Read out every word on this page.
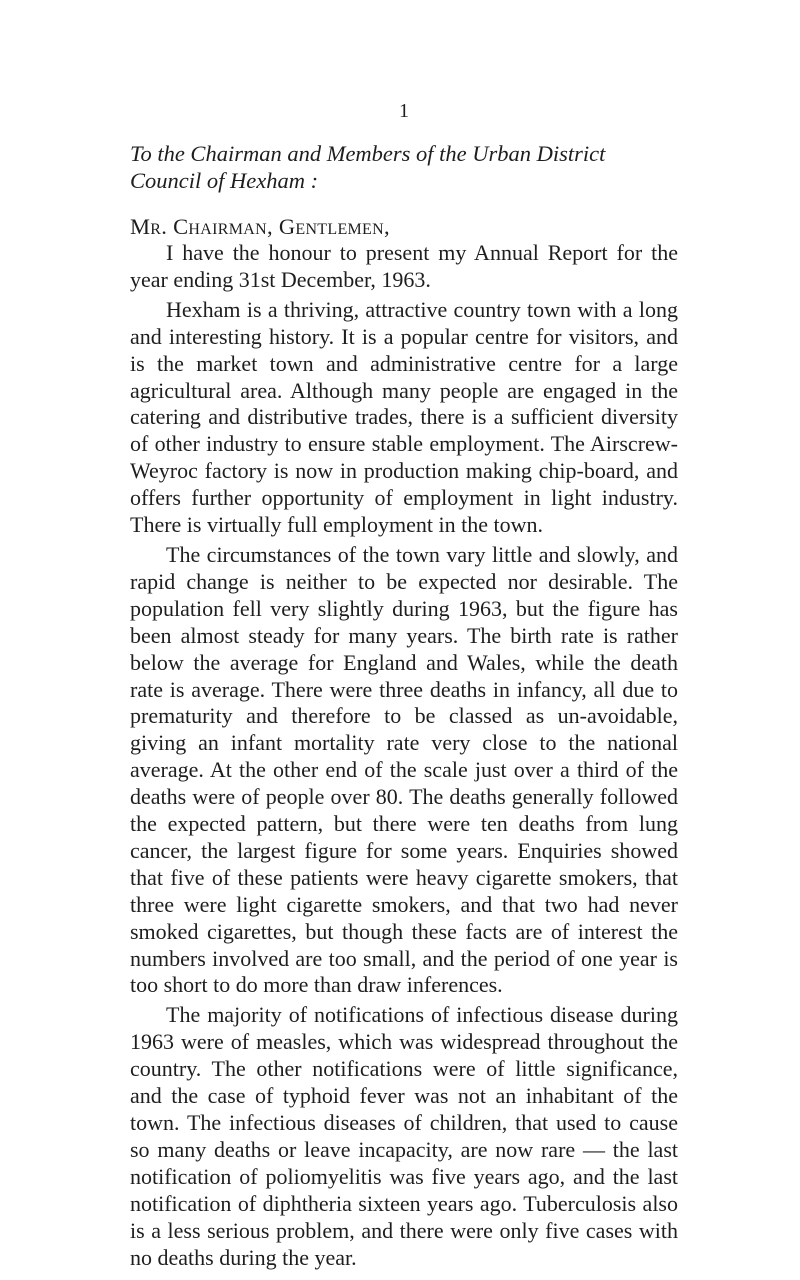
1

To the Chairman and Members of the Urban District Council of Hexham :

Mr. Chairman, Gentlemen,

I have the honour to present my Annual Report for the year ending 31st December, 1963.

Hexham is a thriving, attractive country town with a long and interesting history. It is a popular centre for visitors, and is the market town and administrative centre for a large agricultural area. Although many people are engaged in the catering and distributive trades, there is a sufficient diversity of other industry to ensure stable employment. The Airscrew-Weyroc factory is now in production making chip-board, and offers further opportunity of employment in light industry. There is virtually full employment in the town.

The circumstances of the town vary little and slowly, and rapid change is neither to be expected nor desirable. The population fell very slightly during 1963, but the figure has been almost steady for many years. The birth rate is rather below the average for England and Wales, while the death rate is average. There were three deaths in infancy, all due to prematurity and therefore to be classed as un-avoidable, giving an infant mortality rate very close to the national average. At the other end of the scale just over a third of the deaths were of people over 80. The deaths generally followed the expected pattern, but there were ten deaths from lung cancer, the largest figure for some years. Enquiries showed that five of these patients were heavy cigarette smokers, that three were light cigarette smokers, and that two had never smoked cigarettes, but though these facts are of interest the numbers involved are too small, and the period of one year is too short to do more than draw inferences.

The majority of notifications of infectious disease during 1963 were of measles, which was widespread throughout the country. The other notifications were of little significance, and the case of typhoid fever was not an inhabitant of the town. The infectious diseases of children, that used to cause so many deaths or leave incapacity, are now rare — the last notification of poliomyelitis was five years ago, and the last notification of diphtheria sixteen years ago. Tuberculosis also is a less serious problem, and there were only five cases with no deaths during the year.
